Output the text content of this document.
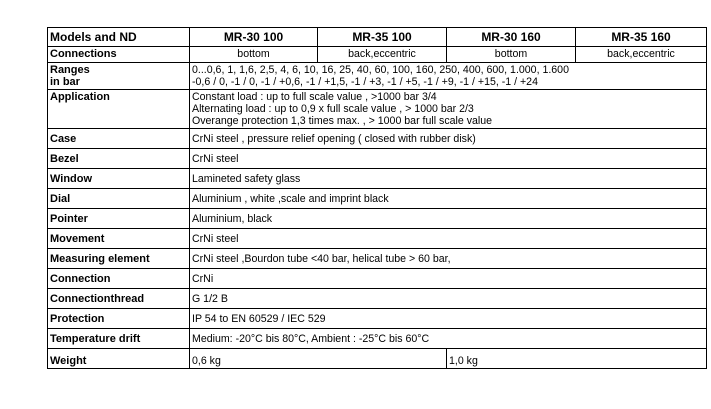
Models and ND	MR-30 100	MR-35 100	MR-30 160	MR-35 160
Connections	bottom	back,eccentric	bottom	back,eccentric

Ranges
in bar	0...0,6, 1, 1,6, 2,5, 4, 6, 10, 16, 25, 40, 60, 100, 160, 250, 400, 600, 1.000, 1.600
-0,6 / 0, -1 / 0, -1 / +0,6, -1 / +1,5, -1 / +3, -1 / +5, -1 / +9, -1 / +15, -1 / +24			

Application	Constant load : up to full scale value , >1000 bar 3/4
Alternating load : up to 0,9 x full scale value , > 1000 bar 2/3
Overange protection 1,3 times max. , > 1000 bar full scale value			

Case	CrNi steel , pressure relief opening ( closed with rubber disk)			
Bezel	CrNi steel			
Window	Lamineted safety glass			
Dial	Aluminium , white ,scale and imprint black			
Pointer	Aluminium, black			
Movement	CrNi steel			
Measuring element	CrNi steel ,Bourdon tube <40 bar, helical tube > 60 bar,			
Connection	CrNi			
Connectionthread	G 1/2 B			
Protection	IP 54 to EN 60529 / IEC 529			
Temperature drift	Medium: -20°C bis 80°C, Ambient : -25°C bis 60°C			
Weight	0,6 kg		1,0 kg	
